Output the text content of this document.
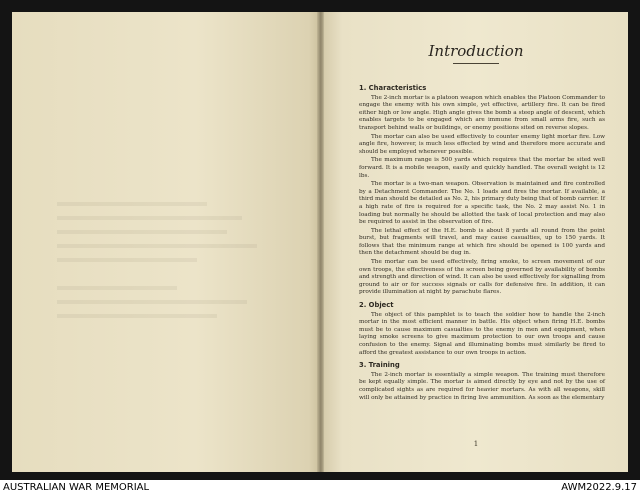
Introduction
1. Characteristics

The 2-inch mortar is a platoon weapon which enables the Platoon Commander to engage the enemy with his own simple, yet effective, artillery fire. It can be fired either high or low angle. High angle gives the bomb a steep angle of descent, which enables targets to be engaged which are immune from small arms fire, such as transport behind walls or buildings, or enemy positions sited on reverse slopes.

The mortar can also be used effectively to counter enemy light mortar fire. Low angle fire, however, is much less effected by wind and therefore more accurate and should be employed whenever possible.

The maximum range is 500 yards which requires that the mortar be sited well forward. It is a mobile weapon, easily and quickly handled. The overall weight is 12 lbs.

The mortar is a two-man weapon. Observation is maintained and fire controlled by a Detachment Commander. The No. 1 loads and fires the mortar. If available, a third man should be detailed as No. 2, his primary duty being that of bomb carrier. If a high rate of fire is required for a specific task, the No. 2 may assist No. 1 in loading but normally he should be allotted the task of local protection and may also be required to assist in the observation of fire.

The lethal effect of the H.E. bomb is about 8 yards all round from the point burst, but fragments will travel, and may cause casualties, up to 150 yards. It follows that the minimum range at which fire should be opened is 100 yards and then the detachment should be dug in.

The mortar can be used effectively, firing smoke, to screen movement of our own troops, the effectiveness of the screen being governed by availability of bombs and strength and direction of wind. It can also be used effectively for signalling from ground to air or for success signals or calls for defensive fire. In addition, it can provide illumination at night by parachute flares.

2. Object

The object of this pamphlet is to teach the soldier how to handle the 2-inch mortar in the most efficient manner in battle. His object when firing H.E. bombs must be to cause maximum casualties to the enemy in men and equipment, when laying smoke screens to give maximum protection to our own troops and cause confusion to the enemy. Signal and illuminating bombs must similarly be fired to afford the greatest assistance to our own troops in action.

3. Training

The 2-inch mortar is essentially a simple weapon. The training must therefore be kept equally simple. The mortar is aimed directly by eye and not by the use of complicated sights as are required for heavier mortars. As with all weapons, skill will only be attained by practice in firing live ammunition. As soon as the elementary

1
AUSTRALIAN WAR MEMORIAL	AWM2022.9.17
